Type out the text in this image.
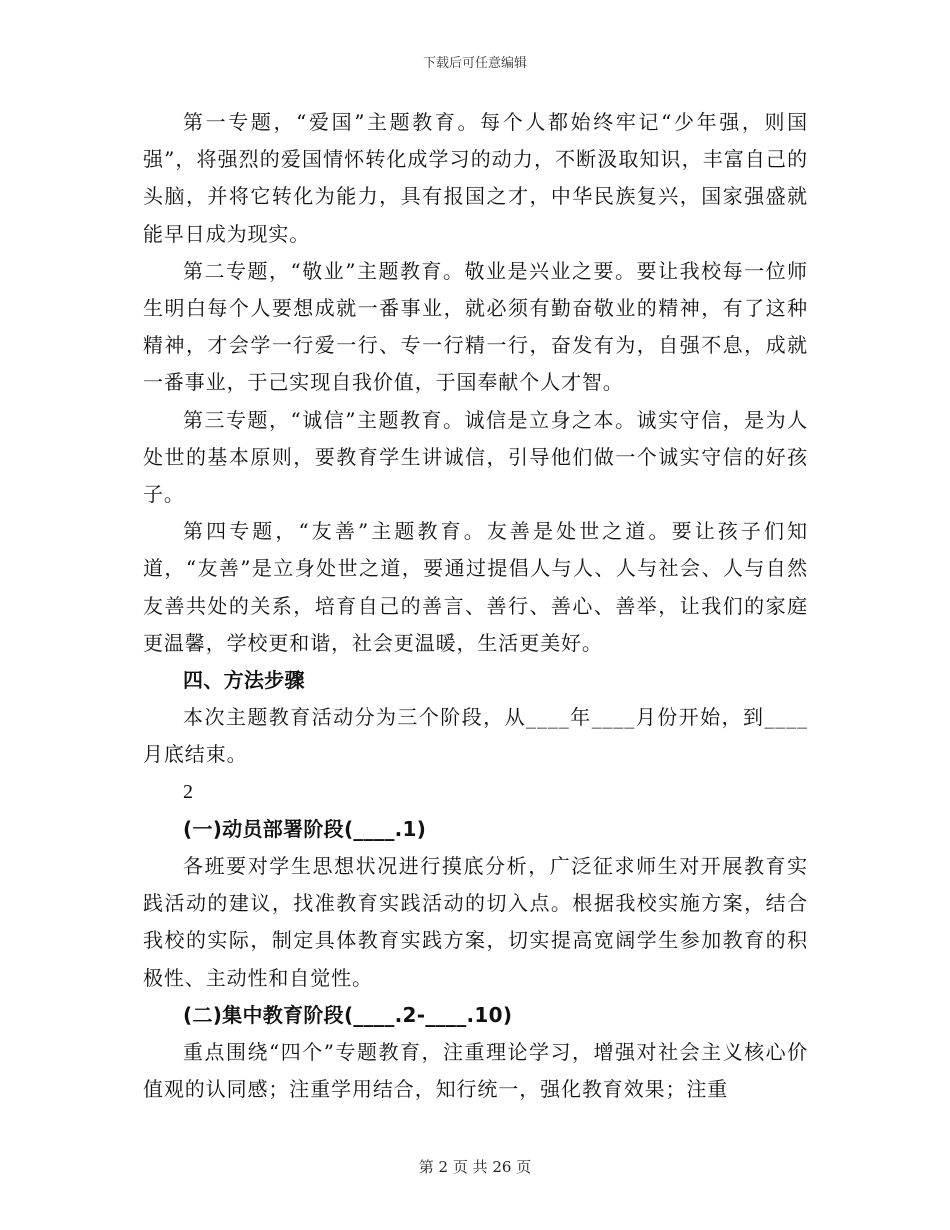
下载后可任意编辑

第一专题，“爱国”主题教育。每个人都始终牢记“少年强，则国强”，将强烈的爱国情怀转化成学习的动力，不断汲取知识，丰富自己的头脑，并将它转化为能力，具有报国之才，中华民族复兴，国家强盛就能早日成为现实。

第二专题，“敬业”主题教育。敬业是兴业之要。要让我校每一位师生明白每个人要想成就一番事业，就必须有勤奋敬业的精神，有了这种精神，才会学一行爱一行、专一行精一行，奋发有为，自强不息，成就一番事业，于己实现自我价值，于国奉献个人才智。

第三专题，“诚信”主题教育。诚信是立身之本。诚实守信，是为人处世的基本原则，要教育学生讲诚信，引导他们做一个诚实守信的好孩子。

第四专题，“友善”主题教育。友善是处世之道。要让孩子们知道，“友善”是立身处世之道，要通过提倡人与人、人与社会、人与自然友善共处的关系，培育自己的善言、善行、善心、善举，让我们的家庭更温馨，学校更和谐，社会更温暖，生活更美好。

四、方法步骤

本次主题教育活动分为三个阶段，从____年____月份开始，到____月底结束。

2

(一)动员部署阶段(____.1)

各班要对学生思想状况进行摸底分析，广泛征求师生对开展教育实践活动的建议，找准教育实践活动的切入点。根据我校实施方案，结合我校的实际，制定具体教育实践方案，切实提高宽阔学生参加教育的积极性、主动性和自觉性。

(二)集中教育阶段(____.2-____.10)

重点围绕“四个”专题教育，注重理论学习，增强对社会主义核心价值观的认同感；注重学用结合，知行统一，强化教育效果；注重

第 2 页 共 26 页
